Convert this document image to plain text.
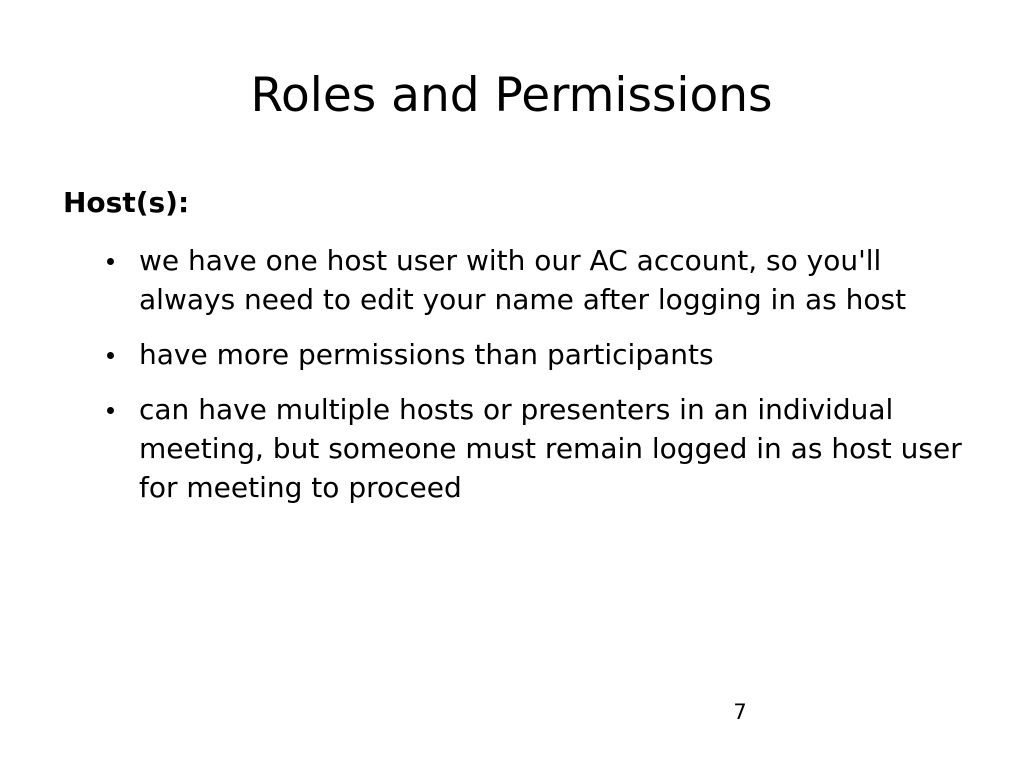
Roles and Permissions
Host(s):
we have one host user with our AC account, so you'll always need to edit your name after logging in as host
have more permissions than participants
can have multiple hosts or presenters in an individual meeting, but someone must remain logged in as host user for meeting to proceed
7
